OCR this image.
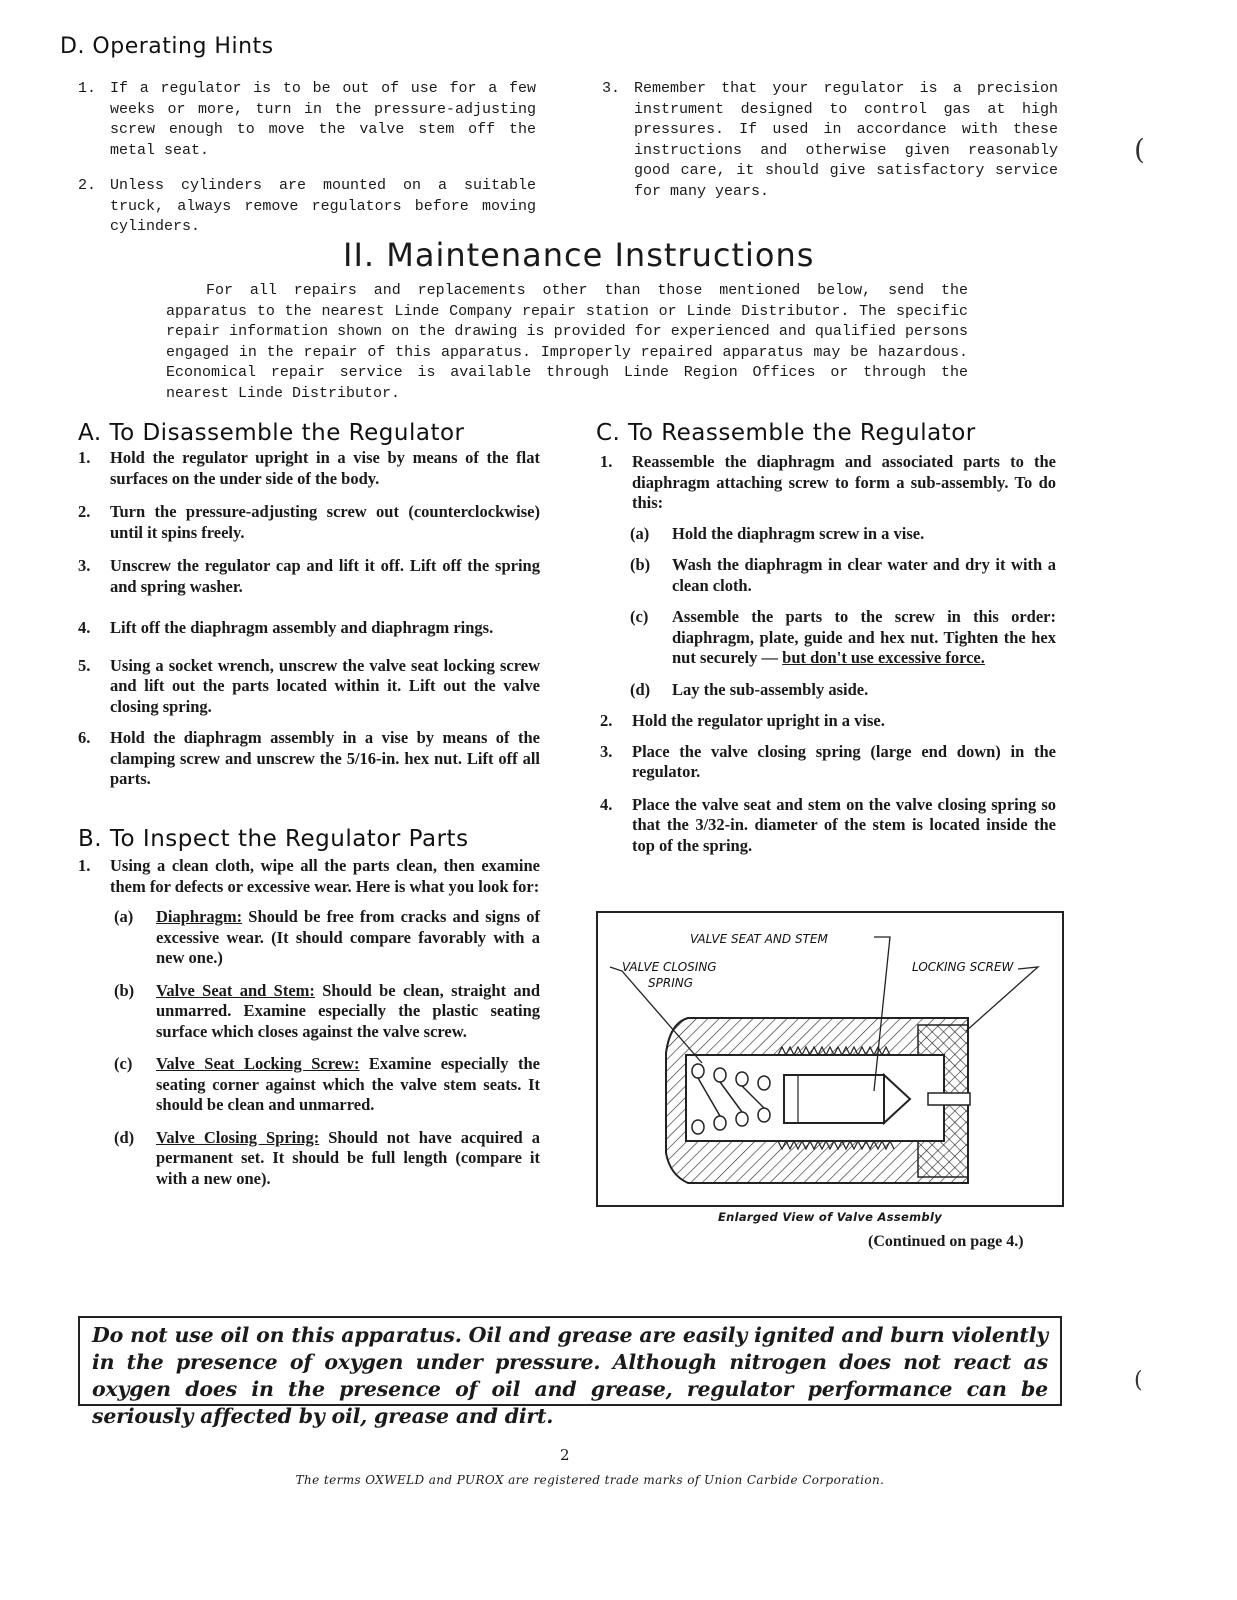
D. Operating Hints
1. If a regulator is to be out of use for a few weeks or more, turn in the pressure-adjusting screw enough to move the valve stem off the metal seat.
2. Unless cylinders are mounted on a suitable truck, always remove regulators before moving cylinders.
3. Remember that your regulator is a precision instrument designed to control gas at high pressures. If used in accordance with these instructions and otherwise given reasonably good care, it should give satisfactory service for many years.
II. Maintenance Instructions
For all repairs and replacements other than those mentioned below, send the apparatus to the nearest Linde Company repair station or Linde Distributor. The specific repair information shown on the drawing is provided for experienced and qualified persons engaged in the repair of this apparatus. Improperly repaired apparatus may be hazardous. Economical repair service is available through Linde Region Offices or through the nearest Linde Distributor.
A. To Disassemble the Regulator
1. Hold the regulator upright in a vise by means of the flat surfaces on the under side of the body.
2. Turn the pressure-adjusting screw out (counterclockwise) until it spins freely.
3. Unscrew the regulator cap and lift it off. Lift off the spring and spring washer.
4. Lift off the diaphragm assembly and diaphragm rings.
5. Using a socket wrench, unscrew the valve seat locking screw and lift out the parts located within it. Lift out the valve closing spring.
6. Hold the diaphragm assembly in a vise by means of the clamping screw and unscrew the 5/16-in. hex nut. Lift off all parts.
B. To Inspect the Regulator Parts
1. Using a clean cloth, wipe all the parts clean, then examine them for defects or excessive wear. Here is what you look for:
(a) Diaphragm: Should be free from cracks and signs of excessive wear. (It should compare favorably with a new one.)
(b) Valve Seat and Stem: Should be clean, straight and unmarred. Examine especially the plastic seating surface which closes against the valve screw.
(c) Valve Seat Locking Screw: Examine especially the seating corner against which the valve stem seats. It should be clean and unmarred.
(d) Valve Closing Spring: Should not have acquired a permanent set. It should be full length (compare it with a new one).
C. To Reassemble the Regulator
1. Reassemble the diaphragm and associated parts to the diaphragm attaching screw to form a sub-assembly. To do this:
(a) Hold the diaphragm screw in a vise.
(b) Wash the diaphragm in clear water and dry it with a clean cloth.
(c) Assemble the parts to the screw in this order: diaphragm, plate, guide and hex nut. Tighten the hex nut securely — but don't use excessive force.
(d) Lay the sub-assembly aside.
2. Hold the regulator upright in a vise.
3. Place the valve closing spring (large end down) in the regulator.
4. Place the valve seat and stem on the valve closing spring so that the 3/32-in. diameter of the stem is located inside the top of the spring.
VALVE SEAT AND STEM
VALVE CLOSING
SPRING
LOCKING SCREW
Enlarged View of Valve Assembly
(Continued on page 4.)
Do not use oil on this apparatus. Oil and grease are easily ignited and burn violently in the presence of oxygen under pressure. Although nitrogen does not react as oxygen does in the presence of oil and grease, regulator performance can be seriously affected by oil, grease and dirt.
2
The terms OXWELD and PUROX are registered trade marks of Union Carbide Corporation.
(
(
